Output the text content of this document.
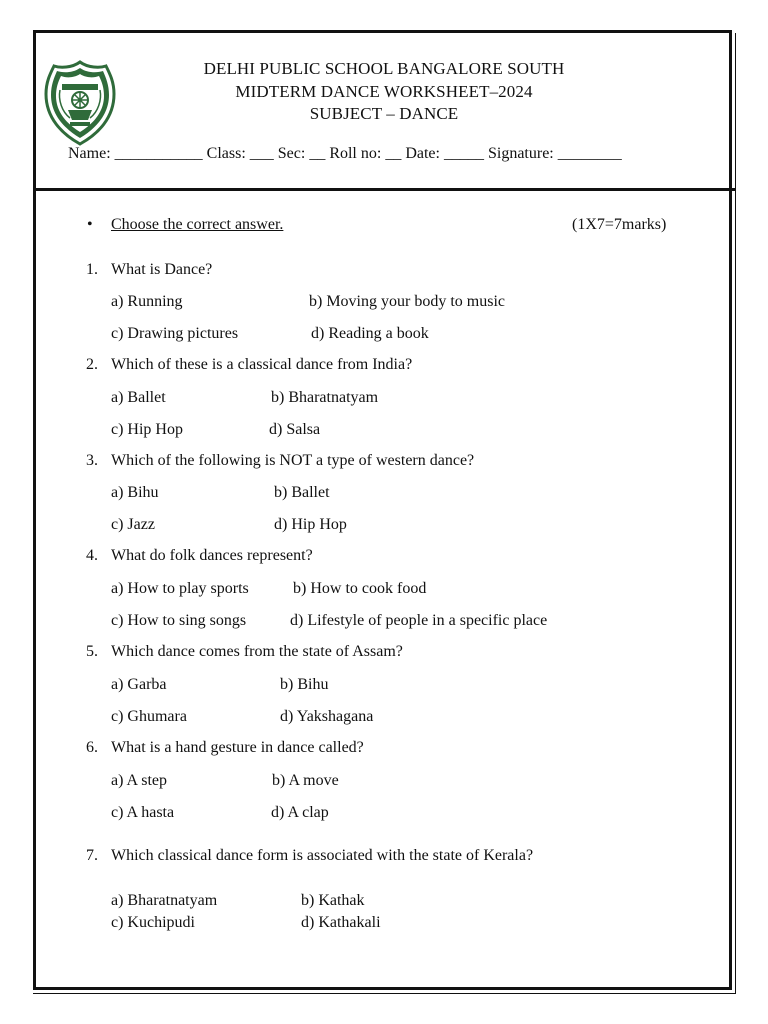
DELHI PUBLIC SCHOOL BANGALORE SOUTH
MIDTERM DANCE WORKSHEET–2024
SUBJECT – DANCE
Name: ___________ Class: ___ Sec: __ Roll no: __ Date: _____ Signature: ________
• Choose the correct answer.	(1X7=7marks)
1. What is Dance?
a) Running	b) Moving your body to music
c) Drawing pictures	d) Reading a book
2. Which of these is a classical dance from India?
a) Ballet	b) Bharatnatyam
c) Hip Hop	d) Salsa
3. Which of the following is NOT a type of western dance?
a) Bihu	b) Ballet
c) Jazz	d) Hip Hop
4. What do folk dances represent?
a) How to play sports	b) How to cook food
c) How to sing songs	d) Lifestyle of people in a specific place
5. Which dance comes from the state of Assam?
a) Garba	b) Bihu
c) Ghumara	d) Yakshagana
6. What is a hand gesture in dance called?
a) A step	b) A move
c) A hasta	d) A clap
7. Which classical dance form is associated with the state of Kerala?
a) Bharatnatyam	b) Kathak
c) Kuchipudi	d) Kathakali
